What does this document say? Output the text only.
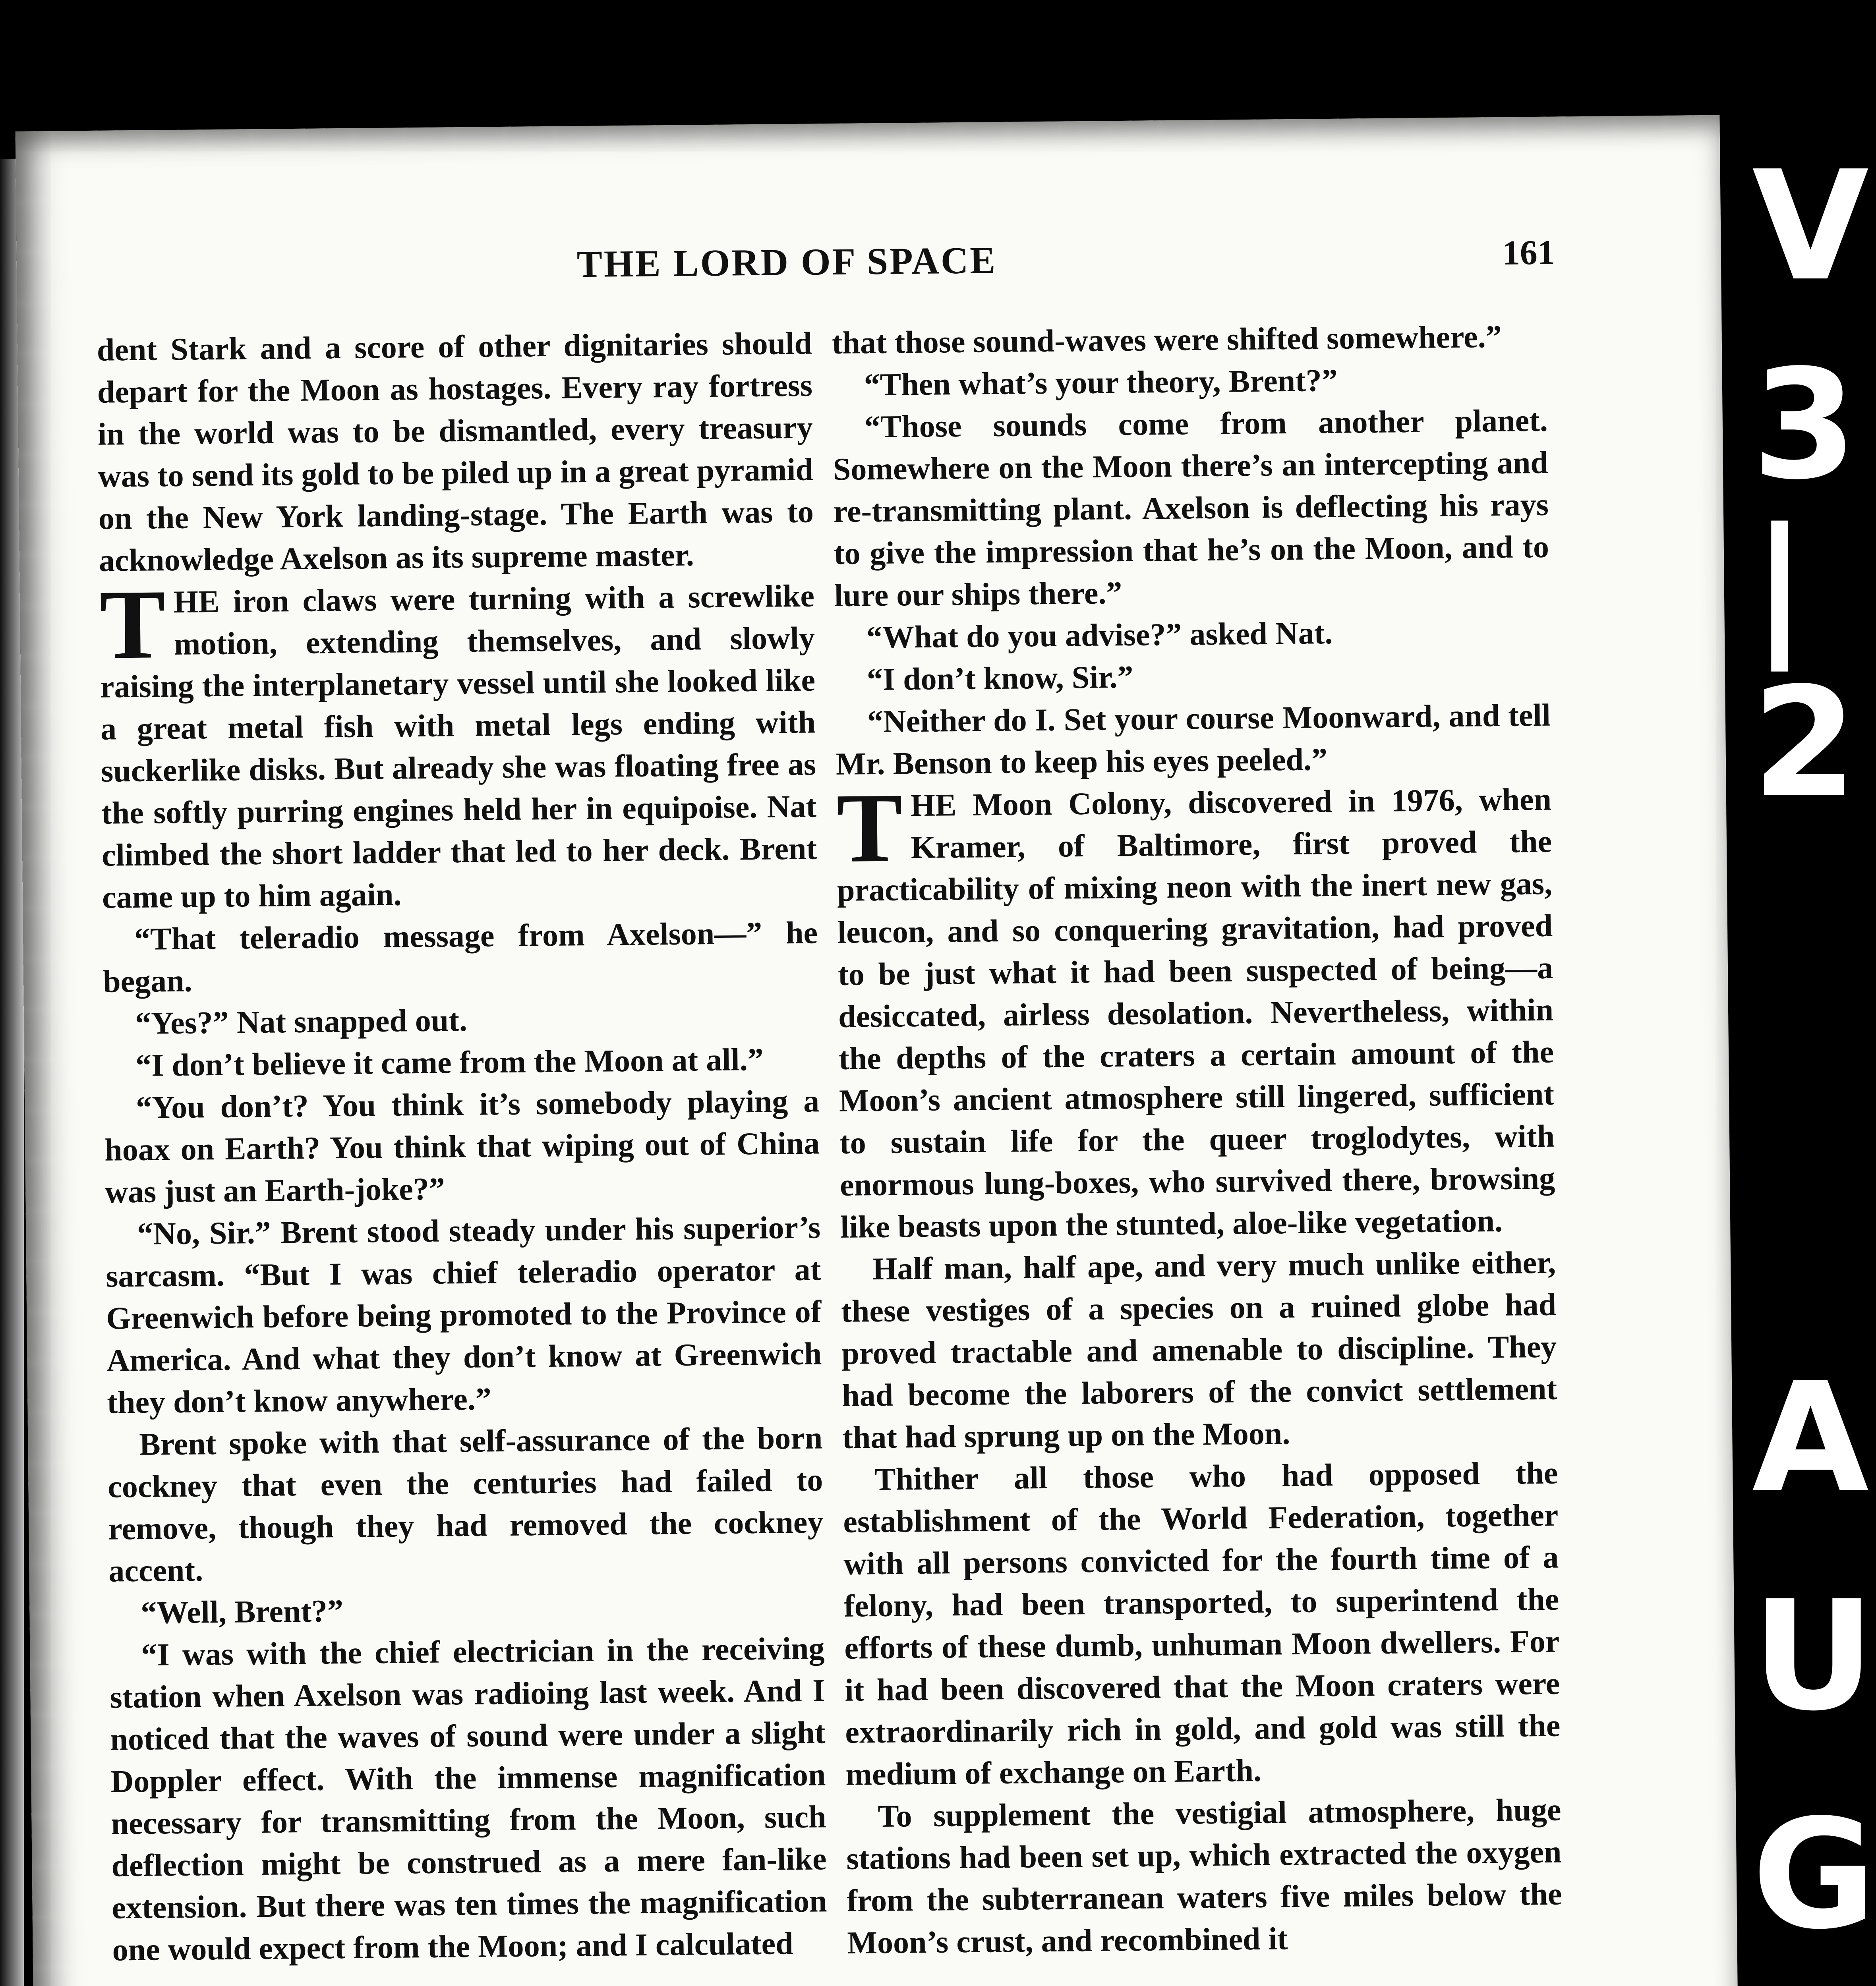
THE LORD OF SPACE	161

dent Stark and a score of other dignitaries should depart for the Moon as hostages. Every ray fortress in the world was to be dismantled, every treasury was to send its gold to be piled up in a great pyramid on the New York landing-stage. The Earth was to acknowledge Axelson as its supreme master.

THE iron claws were turning with a screwlike motion, extending themselves, and slowly raising the interplanetary vessel until she looked like a great metal fish with metal legs ending with suckerlike disks. But already she was floating free as the softly purring engines held her in equipoise. Nat climbed the short ladder that led to her deck. Brent came up to him again.

“That teleradio message from Axelson—” he began.

“Yes?” Nat snapped out.

“I don’t believe it came from the Moon at all.”

“You don’t? You think it’s somebody playing a hoax on Earth? You think that wiping out of China was just an Earth-joke?”

“No, Sir.” Brent stood steady under his superior’s sarcasm. “But I was chief teleradio operator at Greenwich before being promoted to the Province of America. And what they don’t know at Greenwich they don’t know anywhere.”

Brent spoke with that self-assurance of the born cockney that even the centuries had failed to remove, though they had removed the cockney accent.

“Well, Brent?”

“I was with the chief electrician in the receiving station when Axelson was radioing last week. And I noticed that the waves of sound were under a slight Doppler effect. With the immense magnification necessary for transmitting from the Moon, such deflection might be construed as a mere fan-like extension. But there was ten times the magnification one would expect from the Moon; and I calculated

that those sound-waves were shifted somewhere.”

“Then what’s your theory, Brent?”

“Those sounds come from another planet. Somewhere on the Moon there’s an intercepting and re-transmitting plant. Axelson is deflecting his rays to give the impression that he’s on the Moon, and to lure our ships there.”

“What do you advise?” asked Nat.

“I don’t know, Sir.”

“Neither do I. Set your course Moonward, and tell Mr. Benson to keep his eyes peeled.”

THE Moon Colony, discovered in 1976, when Kramer, of Baltimore, first proved the practicability of mixing neon with the inert new gas, leucon, and so conquering gravitation, had proved to be just what it had been suspected of being—a desiccated, airless desolation. Nevertheless, within the depths of the craters a certain amount of the Moon’s ancient atmosphere still lingered, sufficient to sustain life for the queer troglodytes, with enormous lung-boxes, who survived there, browsing like beasts upon the stunted, aloe-like vegetation.

Half man, half ape, and very much unlike either, these vestiges of a species on a ruined globe had proved tractable and amenable to discipline. They had become the laborers of the convict settlement that had sprung up on the Moon.

Thither all those who had opposed the establishment of the World Federation, together with all persons convicted for the fourth time of a felony, had been transported, to superintend the efforts of these dumb, unhuman Moon dwellers. For it had been discovered that the Moon craters were extraordinarily rich in gold, and gold was still the medium of exchange on Earth.

To supplement the vestigial atmosphere, huge stations had been set up, which extracted the oxygen from the subterranean waters five miles below the Moon’s crust, and recombined it

V
3
|
2
A
U
G
